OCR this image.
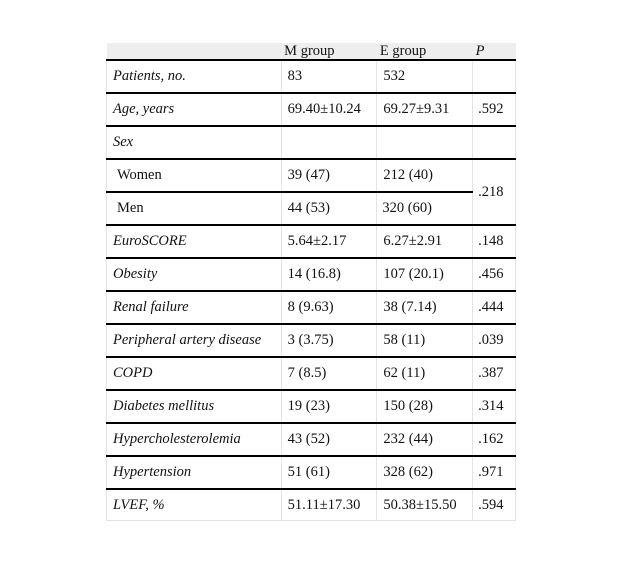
	M group	E group	P
Patients, no.	83	532	
Age, years	69.40±10.24	69.27±9.31	.592
Sex			
Women	39 (47)	212 (40)	.218
Men	44 (53)	320 (60)	
EuroSCORE	5.64±2.17	6.27±2.91	.148
Obesity	14 (16.8)	107 (20.1)	.456
Renal failure	8 (9.63)	38 (7.14)	.444
Peripheral artery disease	3 (3.75)	58 (11)	.039
COPD	7 (8.5)	62 (11)	.387
Diabetes mellitus	19 (23)	150 (28)	.314
Hypercholesterolemia	43 (52)	232 (44)	.162
Hypertension	51 (61)	328 (62)	.971
LVEF, %	51.11±17.30	50.38±15.50	.594
